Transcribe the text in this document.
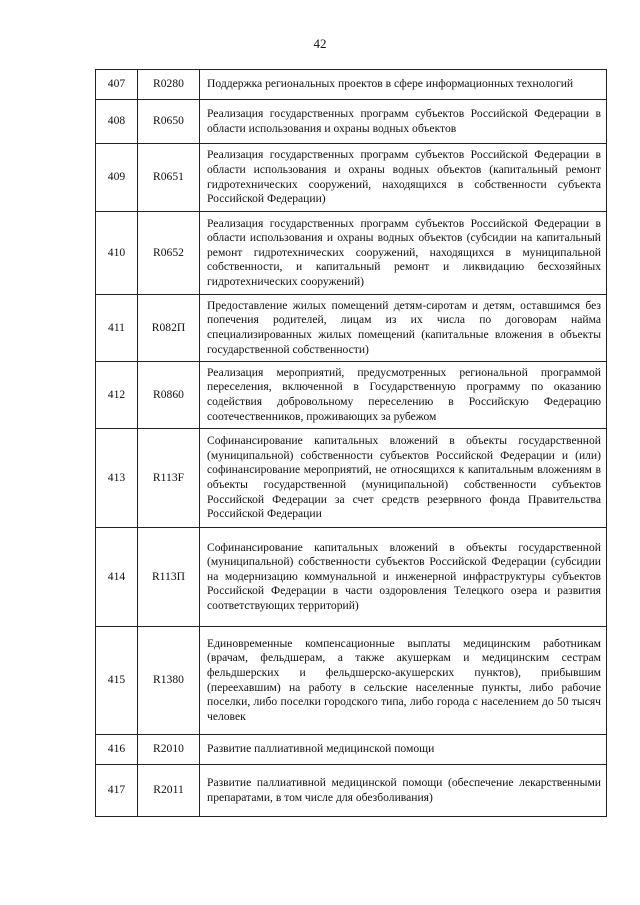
42
407	R0280	Поддержка региональных проектов в сфере информационных технологий
408	R0650	Реализация государственных программ субъектов Российской Федерации в области использования и охраны водных объектов
409	R0651	Реализация государственных программ субъектов Российской Федерации в области использования и охраны водных объектов (капитальный ремонт гидротехнических сооружений, находящихся в собственности субъекта Российской Федерации)
410	R0652	Реализация государственных программ субъектов Российской Федерации в области использования и охраны водных объектов (субсидии на капитальный ремонт гидротехнических сооружений, находящихся в муниципальной собственности, и капитальный ремонт и ликвидацию бесхозяйных гидротехнических сооружений)
411	R082П	Предоставление жилых помещений детям-сиротам и детям, оставшимся без попечения родителей, лицам из их числа по договорам найма специализированных жилых помещений (капитальные вложения в объекты государственной собственности)
412	R0860	Реализация мероприятий, предусмотренных региональной программой переселения, включенной в Государственную программу по оказанию содействия добровольному переселению в Российскую Федерацию соотечественников, проживающих за рубежом
413	R113F	Софинансирование капитальных вложений в объекты государственной (муниципальной) собственности субъектов Российской Федерации и (или) софинансирование мероприятий, не относящихся к капитальным вложениям в объекты государственной (муниципальной) собственности субъектов Российской Федерации за счет средств резервного фонда Правительства Российской Федерации
414	R113П	Софинансирование капитальных вложений в объекты государственной (муниципальной) собственности субъектов Российской Федерации (субсидии на модернизацию коммунальной и инженерной инфраструктуры субъектов Российской Федерации в части оздоровления Телецкого озера и развития соответствующих территорий)
415	R1380	Единовременные компенсационные выплаты медицинским работникам (врачам, фельдшерам, а также акушеркам и медицинским сестрам фельдшерских и фельдшерско-акушерских пунктов), прибывшим (переехавшим) на работу в сельские населенные пункты, либо рабочие поселки, либо поселки городского типа, либо города с населением до 50 тысяч человек
416	R2010	Развитие паллиативной медицинской помощи
417	R2011	Развитие паллиативной медицинской помощи (обеспечение лекарственными препаратами, в том числе для обезболивания)
